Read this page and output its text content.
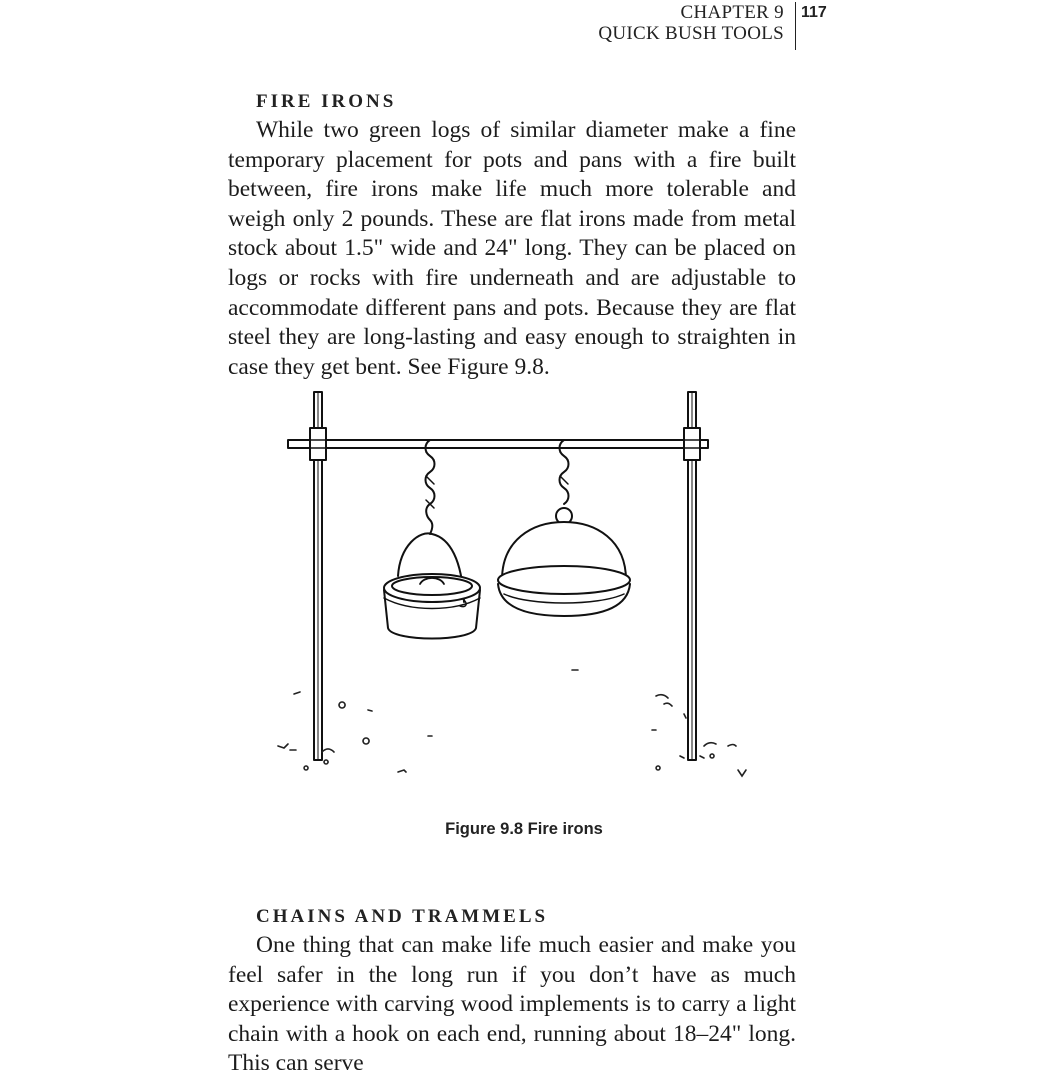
CHAPTER 9
QUICK BUSH TOOLS
117
FIRE IRONS

While two green logs of similar diameter make a fine temporary placement for pots and pans with a fire built between, fire irons make life much more tolerable and weigh only 2 pounds. These are flat irons made from metal stock about 1.5" wide and 24" long. They can be placed on logs or rocks with fire underneath and are adjustable to accommodate different pans and pots. Because they are flat steel they are long-lasting and easy enough to straighten in case they get bent. See Figure 9.8.

Figure 9.8 Fire irons
CHAINS AND TRAMMELS

One thing that can make life much easier and make you feel safer in the long run if you don’t have as much experience with carving wood implements is to carry a light chain with a hook on each end, running about 18–24" long. This can serve
